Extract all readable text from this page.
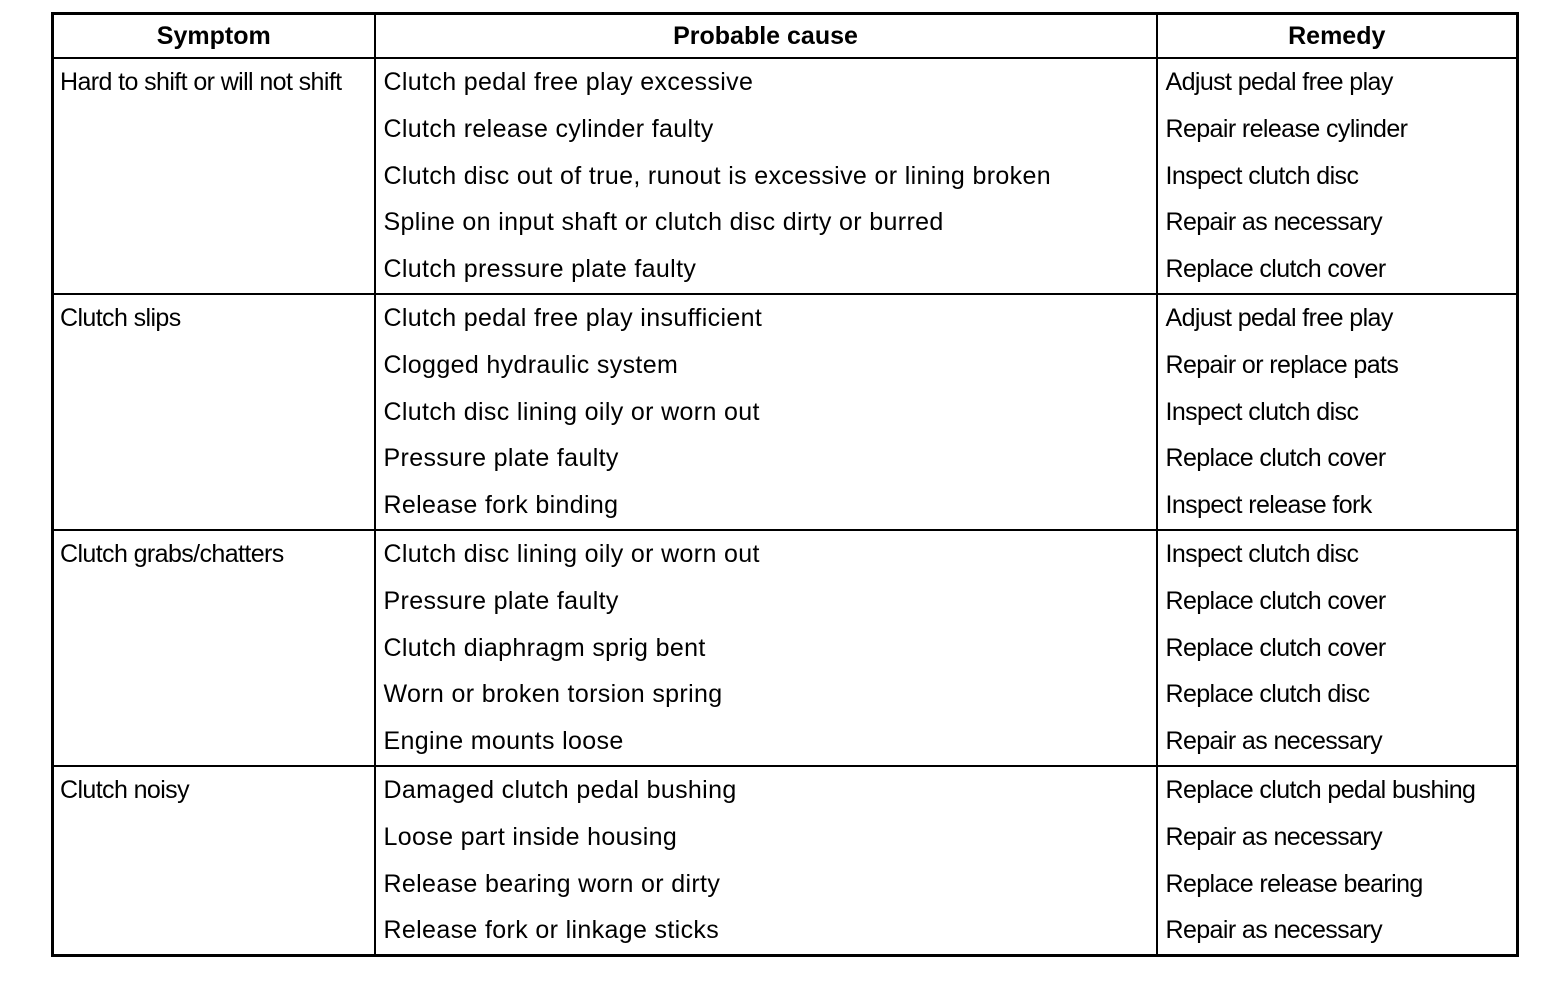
Symptom	Probable cause	Remedy
Hard to shift or will not shift	Clutch pedal free play excessive	Adjust pedal free play
	Clutch release cylinder faulty	Repair release cylinder
	Clutch disc out of true, runout is excessive or lining broken	Inspect clutch disc
	Spline on input shaft or clutch disc dirty or burred	Repair as necessary
	Clutch pressure plate faulty	Replace clutch cover
Clutch slips	Clutch pedal free play insufficient	Adjust pedal free play
	Clogged hydraulic system	Repair or replace pats
	Clutch disc lining oily or worn out	Inspect clutch disc
	Pressure plate faulty	Replace clutch cover
	Release fork binding	Inspect release fork
Clutch grabs/chatters	Clutch disc lining oily or worn out	Inspect clutch disc
	Pressure plate faulty	Replace clutch cover
	Clutch diaphragm sprig bent	Replace clutch cover
	Worn or broken torsion spring	Replace clutch disc
	Engine mounts loose	Repair as necessary
Clutch noisy	Damaged clutch pedal bushing	Replace clutch pedal bushing
	Loose part inside housing	Repair as necessary
	Release bearing worn or dirty	Replace release bearing
	Release fork or linkage sticks	Repair as necessary
